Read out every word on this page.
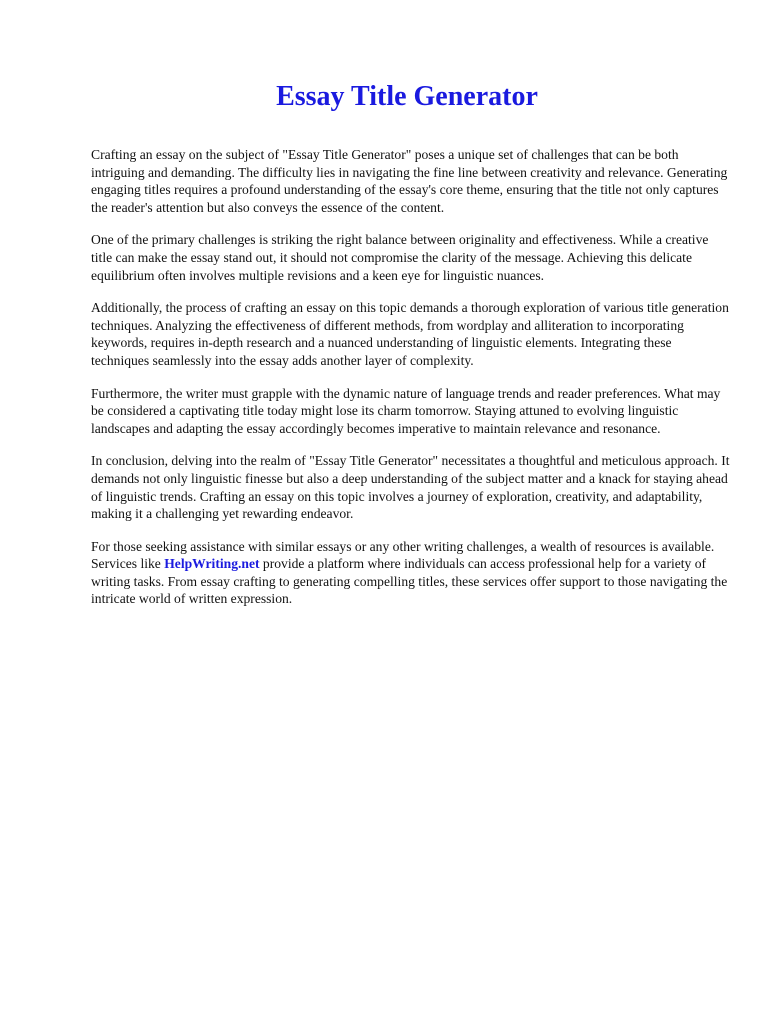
Essay Title Generator

Crafting an essay on the subject of "Essay Title Generator" poses a unique set of challenges that can be both intriguing and demanding. The difficulty lies in navigating the fine line between creativity and relevance. Generating engaging titles requires a profound understanding of the essay's core theme, ensuring that the title not only captures the reader's attention but also conveys the essence of the content.

One of the primary challenges is striking the right balance between originality and effectiveness. While a creative title can make the essay stand out, it should not compromise the clarity of the message. Achieving this delicate equilibrium often involves multiple revisions and a keen eye for linguistic nuances.

Additionally, the process of crafting an essay on this topic demands a thorough exploration of various title generation techniques. Analyzing the effectiveness of different methods, from wordplay and alliteration to incorporating keywords, requires in-depth research and a nuanced understanding of linguistic elements. Integrating these techniques seamlessly into the essay adds another layer of complexity.

Furthermore, the writer must grapple with the dynamic nature of language trends and reader preferences. What may be considered a captivating title today might lose its charm tomorrow. Staying attuned to evolving linguistic landscapes and adapting the essay accordingly becomes imperative to maintain relevance and resonance.

In conclusion, delving into the realm of "Essay Title Generator" necessitates a thoughtful and meticulous approach. It demands not only linguistic finesse but also a deep understanding of the subject matter and a knack for staying ahead of linguistic trends. Crafting an essay on this topic involves a journey of exploration, creativity, and adaptability, making it a challenging yet rewarding endeavor.

For those seeking assistance with similar essays or any other writing challenges, a wealth of resources is available. Services like HelpWriting.net provide a platform where individuals can access professional help for a variety of writing tasks. From essay crafting to generating compelling titles, these services offer support to those navigating the intricate world of written expression.
